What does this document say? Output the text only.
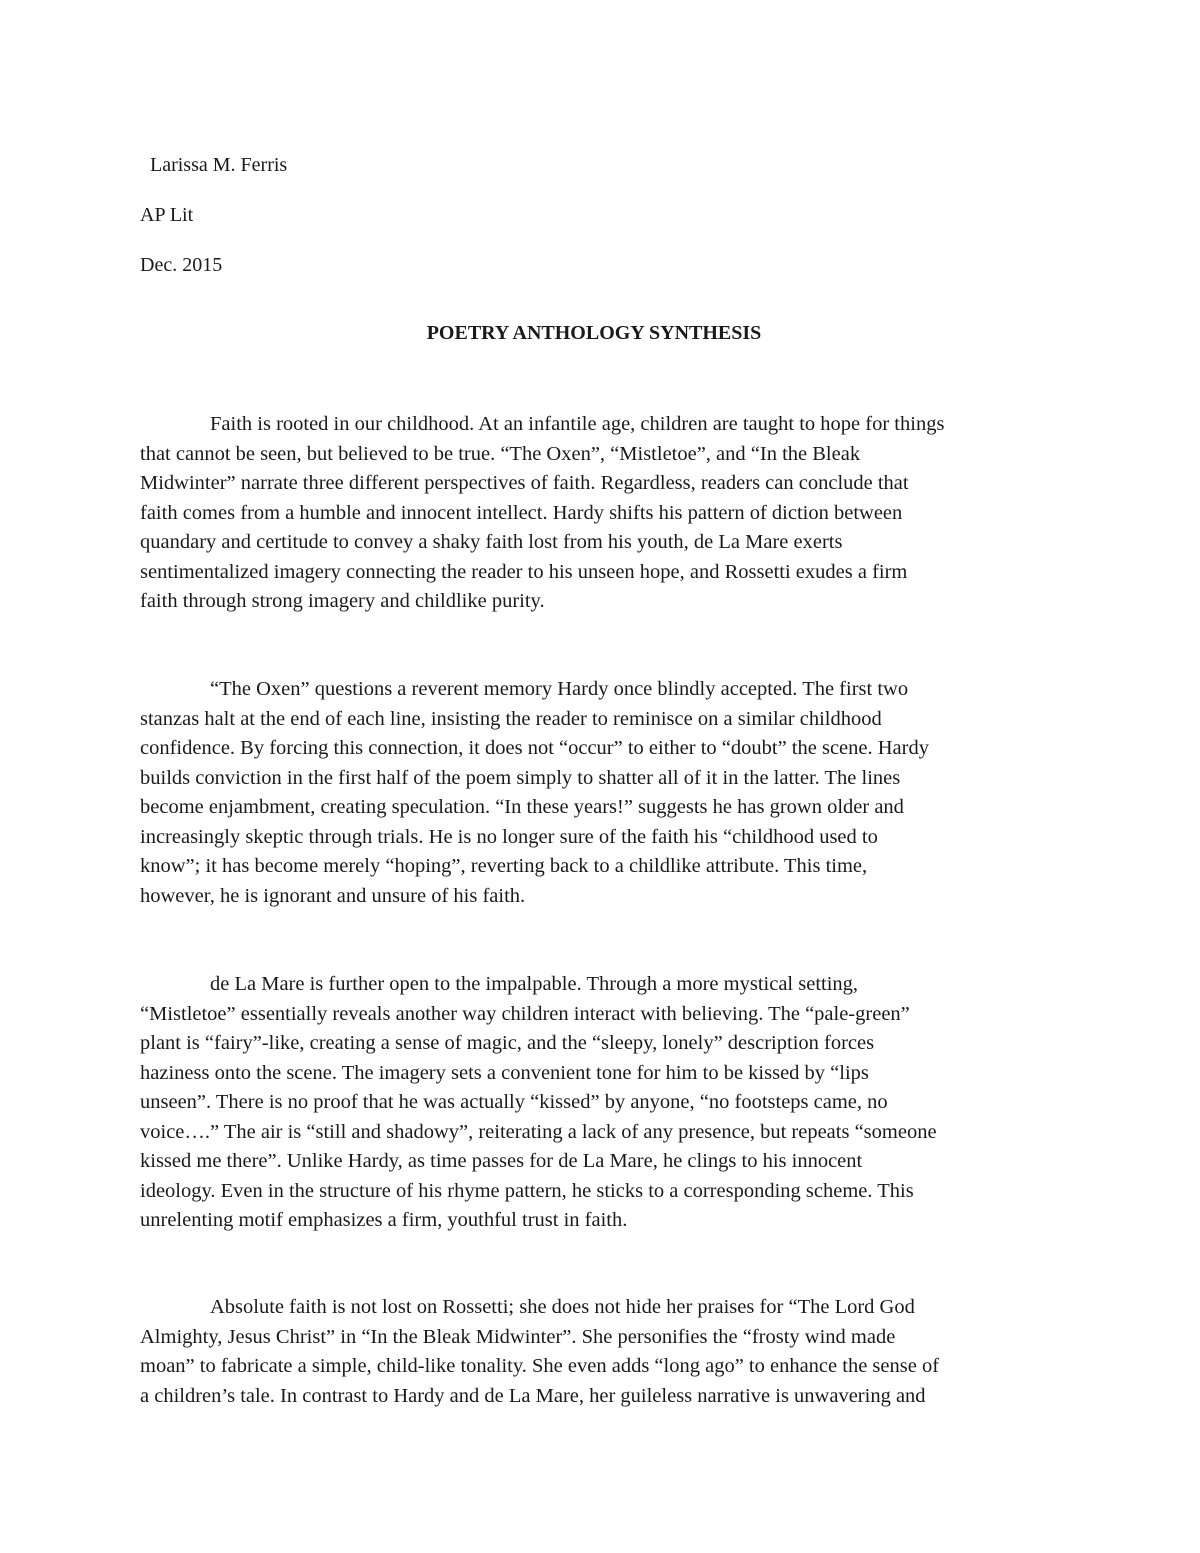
Larissa M. Ferris
AP Lit
Dec. 2015
POETRY ANTHOLOGY SYNTHESIS
Faith is rooted in our childhood. At an infantile age, children are taught to hope for things
that cannot be seen, but believed to be true. “The Oxen”, “Mistletoe”, and “In the Bleak
Midwinter” narrate three different perspectives of faith. Regardless, readers can conclude that
faith comes from a humble and innocent intellect. Hardy shifts his pattern of diction between
quandary and certitude to convey a shaky faith lost from his youth, de La Mare exerts
sentimentalized imagery connecting the reader to his unseen hope, and Rossetti exudes a firm
faith through strong imagery and childlike purity.
“The Oxen” questions a reverent memory Hardy once blindly accepted. The first two
stanzas halt at the end of each line, insisting the reader to reminisce on a similar childhood
confidence. By forcing this connection, it does not “occur” to either to “doubt” the scene. Hardy
builds conviction in the first half of the poem simply to shatter all of it in the latter. The lines
become enjambment, creating speculation. “In these years!” suggests he has grown older and
increasingly skeptic through trials. He is no longer sure of the faith his “childhood used to
know”; it has become merely “hoping”, reverting back to a childlike attribute. This time,
however, he is ignorant and unsure of his faith.
de La Mare is further open to the impalpable. Through a more mystical setting,
“Mistletoe” essentially reveals another way children interact with believing. The “pale-green”
plant is “fairy”-like, creating a sense of magic, and the “sleepy, lonely” description forces
haziness onto the scene. The imagery sets a convenient tone for him to be kissed by “lips
unseen”. There is no proof that he was actually “kissed” by anyone, “no footsteps came, no
voice….” The air is “still and shadowy”, reiterating a lack of any presence, but repeats “someone
kissed me there”. Unlike Hardy, as time passes for de La Mare, he clings to his innocent
ideology. Even in the structure of his rhyme pattern, he sticks to a corresponding scheme. This
unrelenting motif emphasizes a firm, youthful trust in faith.
Absolute faith is not lost on Rossetti; she does not hide her praises for “The Lord God
Almighty, Jesus Christ” in “In the Bleak Midwinter”. She personifies the “frosty wind made
moan” to fabricate a simple, child-like tonality. She even adds “long ago” to enhance the sense of
a children’s tale. In contrast to Hardy and de La Mare, her guileless narrative is unwavering and
